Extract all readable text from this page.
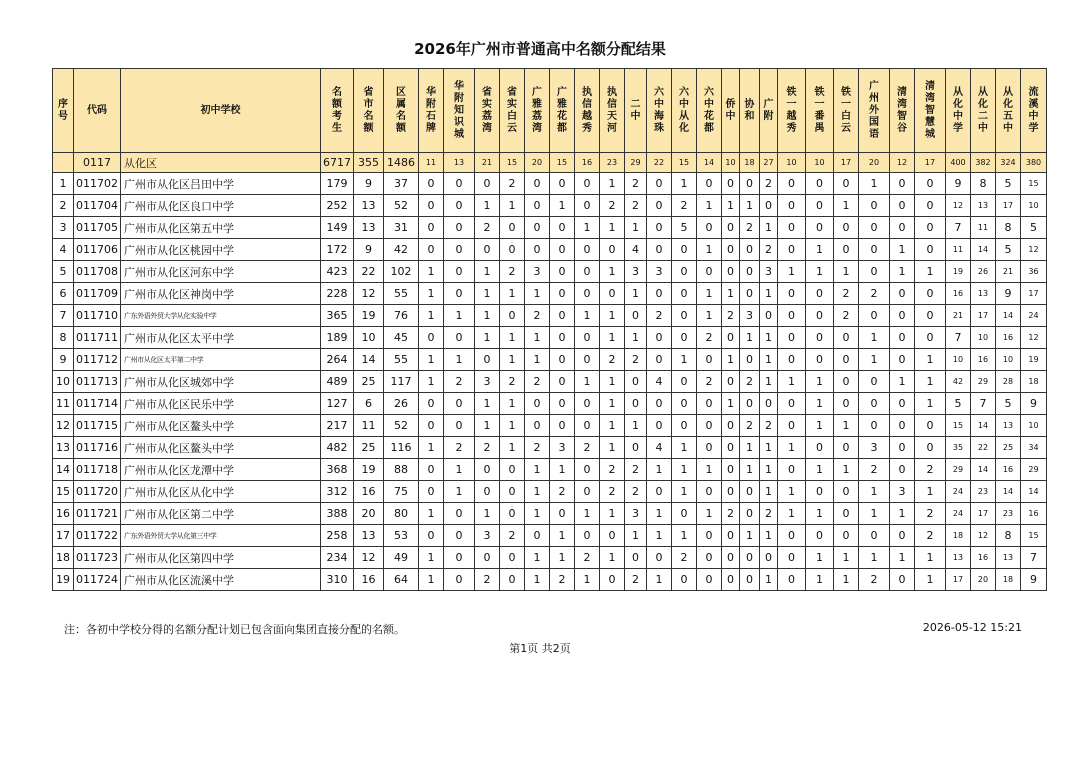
2026年广州市普通高中名额分配结果
序号	代码	初中学校	名额考生	省市名额	区属名额	华附石牌	华附知识城	省实荔湾	省实白云	广雅荔湾	广雅花都	执信越秀	执信天河	二中	六中海珠	六中从化	六中花都	侨中	协和	广附	铁一越秀	铁一番禺	铁一白云	广州外国语	清湾智谷	清湾智慧城	从化中学	从化二中	从化五中	流溪中学
	0117	从化区	6717	355	1486	11	13	21	15	20	15	16	23	29	22	15	14	10	18	27	10	10	17	20	12	17	400	382	324	380
1	011702	广州市从化区吕田中学	179	9	37	0	0	0	2	0	0	0	1	2	0	1	0	0	0	2	0	0	0	1	0	0	9	8	5	15
2	011704	广州市从化区良口中学	252	13	52	0	0	1	1	0	1	0	2	2	0	2	1	1	1	0	0	0	1	0	0	0	12	13	17	10
3	011705	广州市从化区第五中学	149	13	31	0	0	2	0	0	0	1	1	1	0	5	0	0	2	1	0	0	0	0	0	0	7	11	8	5
4	011706	广州市从化区桃园中学	172	9	42	0	0	0	0	0	0	0	0	4	0	0	1	0	0	2	0	1	0	0	1	0	11	14	5	12
5	011708	广州市从化区河东中学	423	22	102	1	0	1	2	3	0	0	1	3	3	0	0	0	0	3	1	1	1	0	1	1	19	26	21	36
6	011709	广州市从化区神岗中学	228	12	55	1	0	1	1	1	0	0	0	1	0	0	1	1	0	1	0	0	2	2	0	0	16	13	9	17
7	011710	广东外语外贸大学从化实验中学	365	19	76	1	1	1	0	2	0	1	1	0	2	0	1	2	3	0	0	0	2	0	0	0	21	17	14	24
8	011711	广州市从化区太平中学	189	10	45	0	0	1	1	1	0	0	1	1	0	0	2	0	1	1	0	0	0	1	0	0	7	10	16	12
9	011712	广州市从化区太平第二中学	264	14	55	1	1	0	1	1	0	0	2	2	0	1	0	1	0	1	0	0	0	1	0	1	10	16	10	19
10	011713	广州市从化区城郊中学	489	25	117	1	2	3	2	2	0	1	1	0	4	0	2	0	2	1	1	1	0	0	1	1	42	29	28	18
11	011714	广州市从化区民乐中学	127	6	26	0	0	1	1	0	0	0	1	0	0	0	0	1	0	0	0	1	0	0	0	1	5	7	5	9
12	011715	广州市从化区鳌头中学	217	11	52	0	0	1	1	0	0	0	1	1	0	0	0	0	2	2	0	1	1	0	0	0	15	14	13	10
13	011716	广州市从化区鳌头中学	482	25	116	1	2	2	1	2	3	2	1	0	4	1	0	0	1	1	1	0	0	3	0	0	35	22	25	34
14	011718	广州市从化区龙潭中学	368	19	88	0	1	0	0	1	1	0	2	2	1	1	1	0	1	1	0	1	1	2	0	2	29	14	16	29
15	011720	广州市从化区从化中学	312	16	75	0	1	0	0	1	2	0	2	2	0	1	0	0	0	1	1	0	0	1	3	1	24	23	14	14
16	011721	广州市从化区第二中学	388	20	80	1	0	1	0	1	0	1	1	3	1	0	1	2	0	2	1	1	0	1	1	2	24	17	23	16
17	011722	广东外语外贸大学从化第三中学	258	13	53	0	0	3	2	0	1	0	0	1	1	1	0	0	1	1	0	0	0	0	0	2	18	12	8	15
18	011723	广州市从化区第四中学	234	12	49	1	0	0	0	1	1	2	1	0	0	2	0	0	0	0	0	1	1	1	1	1	13	16	13	7
19	011724	广州市从化区流溪中学	310	16	64	1	0	2	0	1	2	1	0	2	1	0	0	0	0	1	0	1	1	2	0	1	17	20	18	9
注：各初中学校分得的名额分配计划已包含面向集团直接分配的名额。	2026-05-12 15:21
第1页 共2页
